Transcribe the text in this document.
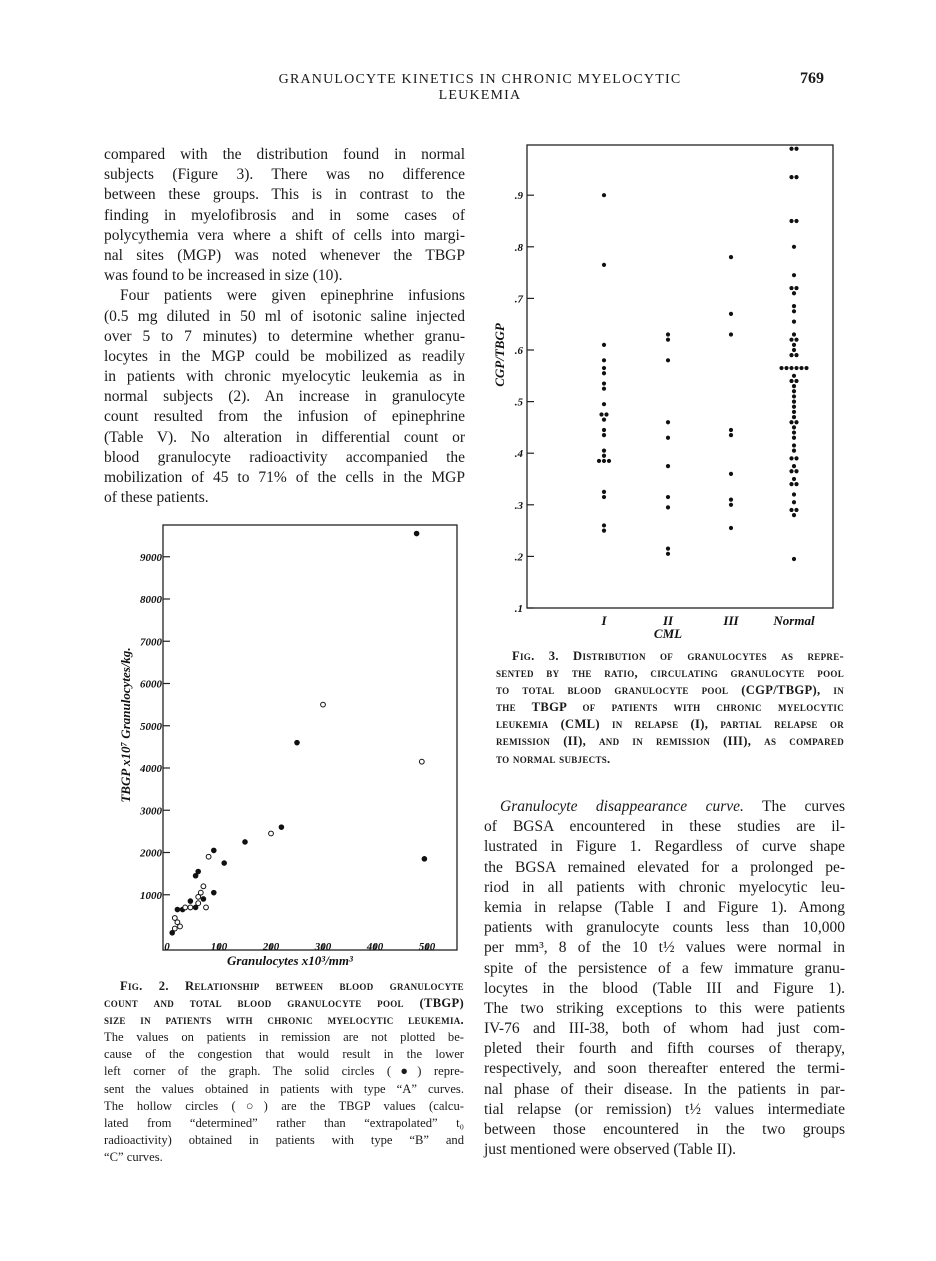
GRANULOCYTE KINETICS IN CHRONIC MYELOCYTIC LEUKEMIA
769
compared with the distribution found in normal
subjects (Figure 3). There was no difference
between these groups. This is in contrast to the
finding in myelofibrosis and in some cases of
polycythemia vera where a shift of cells into margi-
nal sites (MGP) was noted whenever the TBGP
was found to be increased in size (10).
Four patients were given epinephrine infusions
(0.5 mg diluted in 50 ml of isotonic saline injected
over 5 to 7 minutes) to determine whether granu-
locytes in the MGP could be mobilized as readily
in patients with chronic myelocytic leukemia as in
normal subjects (2). An increase in granulocyte
count resulted from the infusion of epinephrine
(Table V). No alteration in differential count or
blood granulocyte radioactivity accompanied the
mobilization of 45 to 71% of the cells in the MGP
of these patients.
Granulocyte disappearance curve. The curves
of BGSA encountered in these studies are il-
lustrated in Figure 1. Regardless of curve shape
the BGSA remained elevated for a prolonged pe-
riod in all patients with chronic myelocytic leu-
kemia in relapse (Table I and Figure 1). Among
patients with granulocyte counts less than 10,000
per mm³, 8 of the 10 t½ values were normal in
spite of the persistence of a few immature granu-
locytes in the blood (Table III and Figure 1).
The two striking exceptions to this were patients
IV-76 and III-38, both of whom had just com-
pleted their fourth and fifth courses of therapy,
respectively, and soon thereafter entered the termi-
nal phase of their disease. In the patients in par-
tial relapse (or remission) t½ values intermediate
between those encountered in the two groups
just mentioned were observed (Table II).
1000
2000
3000
4000
5000
6000
7000
8000
9000
0	100	200	300	400	500
Granulocytes x10³/mm³
TBGP x10⁷ Granulocytes/kg.
Fig. 2. Relationship between blood granulocyte
count and total blood granulocyte pool (TBGP)
size in patients with chronic myelocytic leukemia.
The values on patients in remission are not plotted be-
cause of the congestion that would result in the lower
left corner of the graph. The solid circles (●) repre-
sent the values obtained in patients with type “A” curves.
The hollow circles (○) are the TBGP values (calcu-
lated from “determined” rather than “extrapolated” t₀
radioactivity) obtained in patients with type “B” and
“C” curves.
.1
.2
.3
.4
.5
.6
.7
.8
.9
I	II	III	Normal
CML
CGP/TBGP
Fig. 3. Distribution of granulocytes as repre-
sented by the ratio, circulating granulocyte pool
to total blood granulocyte pool (CGP/TBGP), in
the TBGP of patients with chronic myelocytic
leukemia (CML) in relapse (I), partial relapse or
remission (II), and in remission (III), as compared
to normal subjects.
